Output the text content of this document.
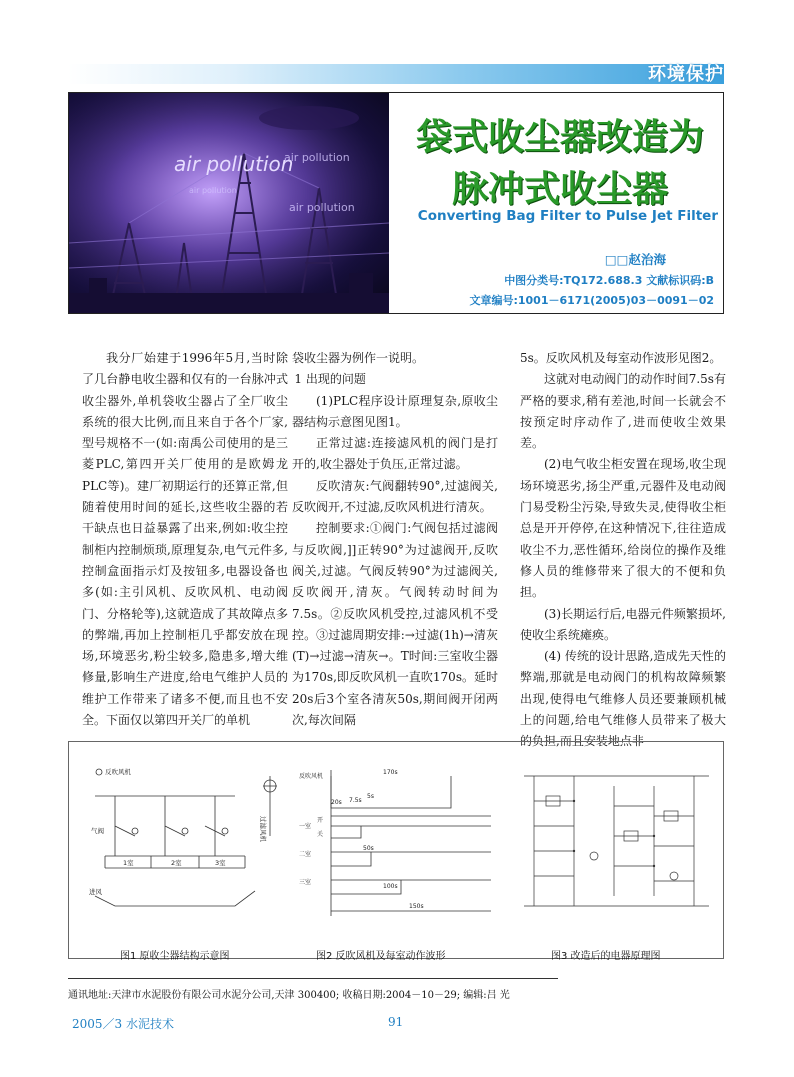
环境保护
air pollution
air pollution
air pollution
air pollution
袋式收尘器改造为
脉冲式收尘器
Converting Bag Filter to Pulse Jet Filter
□□赵治海
中图分类号:TQ172.688.3 文献标识码:B
文章编号:1001－6171(2005)03－0091－02

我分厂始建于1996年5月,当时除了几台静电收尘器和仅有的一台脉冲式收尘器外,单机袋收尘器占了全厂收尘系统的很大比例,而且来自于各个厂家,型号规格不一(如:南禹公司使用的是三菱PLC,第四开关厂使用的是欧姆龙PLC等)。建厂初期运行的还算正常,但随着使用时间的延长,这些收尘器的若干缺点也日益暴露了出来,例如:收尘控制柜内控制烦琐,原理复杂,电气元件多,控制盒面指示灯及按钮多,电器设备也多(如:主引风机、反吹风机、电动阀门、分格轮等),这就造成了其故障点多的弊端,再加上控制柜几乎都安放在现场,环境恶劣,粉尘较多,隐患多,增大维修量,影响生产进度,给电气维护人员的维护工作带来了诸多不便,而且也不安全。下面仅以第四开关厂的单机

袋收尘器为例作一说明。

1 出现的问题

(1)PLC程序设计原理复杂,原收尘器结构示意图见图1。

正常过滤:连接滤风机的阀门是打开的,收尘器处于负压,正常过滤。

反吹清灰:气阀翻转90°,过滤阀关,反吹阀开,不过滤,反吹风机进行清灰。

控制要求:①阀门:气阀包括过滤阀与反吹阀,]]正转90°为过滤阀开,反吹阀关,过滤。气阀反转90°为过滤阀关,反吹阀开,清灰。气阀转动时间为7.5s。②反吹风机受控,过滤风机不受控。③过滤周期安排:→过滤(1h)→清灰(T)→过滤→清灰→。T时间:三室收尘器为170s,即反吹风机一直吹170s。延时20s后3个室各清灰50s,期间阀开闭两次,每次间隔

5s。反吹风机及每室动作波形见图2。

这就对电动阀门的动作时间7.5s有严格的要求,稍有差池,时间一长就会不按预定时序动作了,进而使收尘效果差。

(2)电气收尘柜安置在现场,收尘现场环境恶劣,扬尘严重,元器件及电动阀门易受粉尘污染,导致失灵,使得收尘柜总是开开停停,在这种情况下,往往造成收尘不力,恶性循环,给岗位的操作及维修人员的维修带来了很大的不便和负担。

(3)长期运行后,电器元件频繁损坏,使收尘系统瘫痪。

(4) 传统的设计思路,造成先天性的弊端,那就是电动阀门的机构故障频繁出现,使得电气维修人员还要兼顾机械上的问题,给电气维修人员带来了极大的负担,而且安装地点非

反吹风机
气阀
1室	2室	3室
进风
过滤风机
反吹风机
170s
20s 7.5s
5s
50s
100s
150s
一室
二室
三室
开
关
图1 原收尘器结构示意图	图2 反吹风机及每室动作波形	图3 改造后的电器原理图
通讯地址:天津市水泥股份有限公司水泥分公司,天津 300400; 收稿日期:2004－10－29; 编辑:吕 光
2005／3 水泥技术	91
